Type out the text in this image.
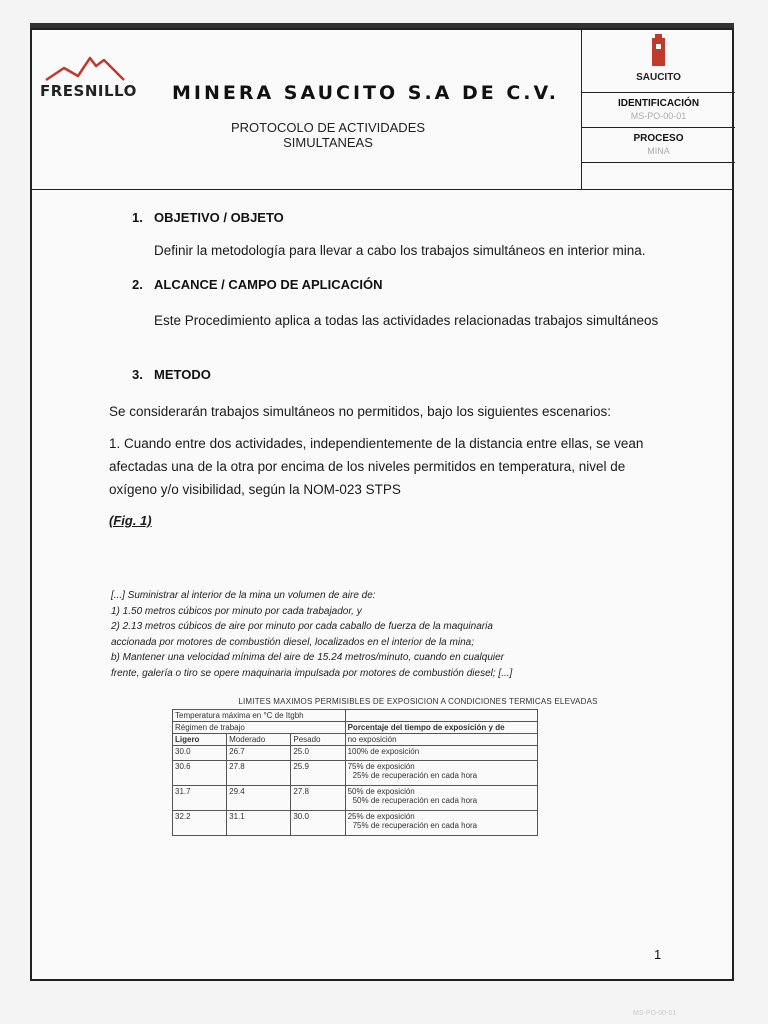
FRESNILLO MINERA SAUCITO S.A DE C.V.
PROTOCOLO DE ACTIVIDADES SIMULTANEAS
SAUCITO
IDENTIFICACIÓN
MS-PO-00-01
PROCESO
MINA
1. OBJETIVO / OBJETO
Definir la metodología para llevar a cabo los trabajos simultáneos en interior mina.
2. ALCANCE / CAMPO DE APLICACIÓN
Este Procedimiento aplica a todas las actividades relacionadas trabajos simultáneos
3. METODO
Se considerarán trabajos simultáneos no permitidos, bajo los siguientes escenarios:
1. Cuando entre dos actividades, independientemente de la distancia entre ellas, se vean
afectadas una de la otra por encima de los niveles permitidos en temperatura, nivel de
oxígeno y/o visibilidad, según la NOM-023 STPS
(Fig. 1)
[...] Suministrar al interior de la mina un volumen de aire de:
1) 1.50 metros cúbicos por minuto por cada trabajador, y
2) 2.13 metros cúbicos de aire por minuto por cada caballo de fuerza de la maquinaria
accionada por motores de combustión diesel, localizados en el interior de la mina;
b) Mantener una velocidad mínima del aire de 15.24 metros/minuto, cuando en cualquier
frente, galería o tiro se opere maquinaria impulsada por motores de combustión diesel; [...]
LIMITES MAXIMOS PERMISIBLES DE EXPOSICION A CONDICIONES TERMICAS ELEVADAS
Temperatura máxima en °C de Itgbh			
Régimen de trabajo			Porcentaje del tiempo de exposición y de
Ligero	Moderado	Pesado	no exposición
30.0	26.7	25.0	100% de exposición

30.6	27.8	25.9	75% de exposición
25% de recuperación en cada hora

31.7	29.4	27.8	50% de exposición
50% de recuperación en cada hora

32.2	31.1	30.0	25% de exposición
75% de recuperación en cada hora
1
MS-PO-00-01
